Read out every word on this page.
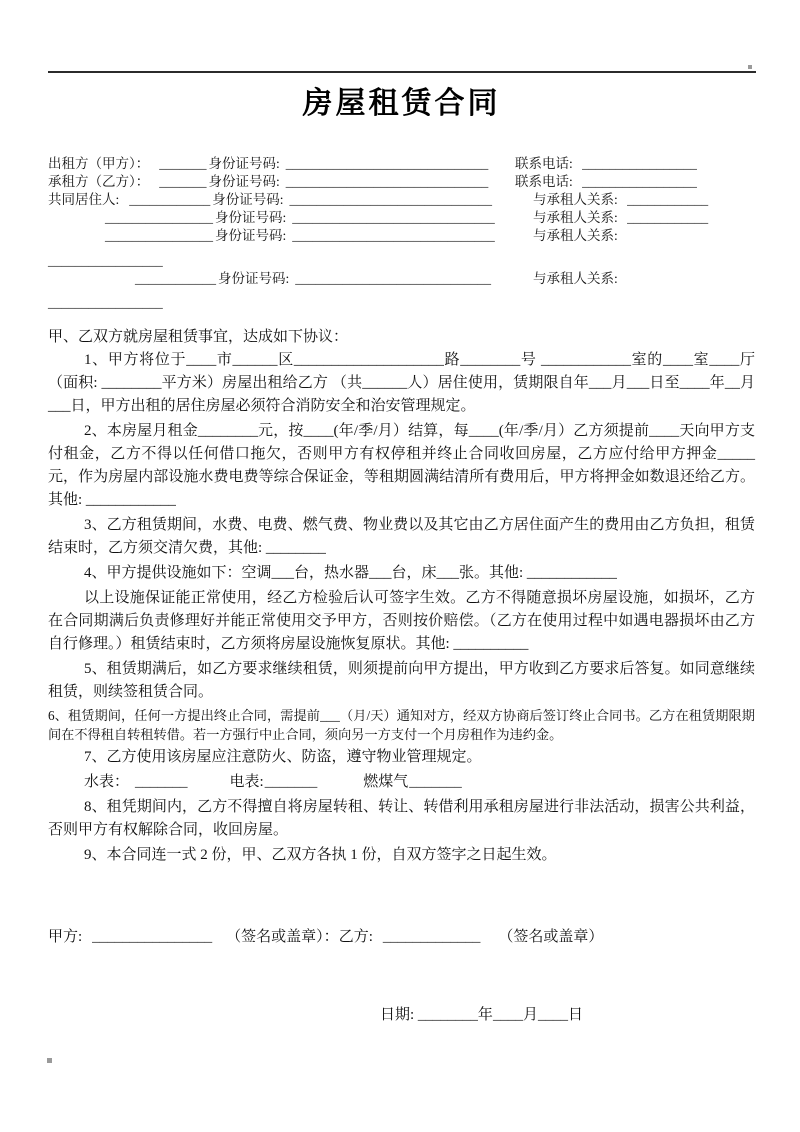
房屋租赁合同
出租方（甲方）： _______ 身份证号码: ______________________________ 联系电话: _________________
承租方（乙方）： _______ 身份证号码: ______________________________ 联系电话: _________________
共同居住人: ____________ 身份证号码: ______________________________	与承租人关系: ____________
________________ 身份证号码: ______________________________	与承租人关系: ____________
________________ 身份证号码: ______________________________	与承租人关系:
_________________
____________ 身份证号码: _____________________________	与承租人关系:
_________________

甲、乙双方就房屋租赁事宜，达成如下协议：

1、甲方将位于____市______区____________________路________号 ____________室的____室____厅（面积: ________平方米）房屋出租给乙方 （共______人）居住使用，赁期限自年___月___日至____年__月___日，甲方出租的居住房屋必须符合消防安全和治安管理规定。

2、本房屋月租金________元，按____(年/季/月）结算，每____(年/季/月）乙方须提前____天向甲方支付租金，乙方不得以任何借口拖欠，否则甲方有权停租并终止合同收回房屋，乙方应付给甲方押金_____元，作为房屋内部设施水费电费等综合保证金，等租期圆满结清所有费用后，甲方将押金如数退还给乙方。其他: ____________

3、乙方租赁期间，水费、电费、燃气费、物业费以及其它由乙方居住面产生的费用由乙方负担，租赁结束时，乙方须交清欠费，其他: ________

4、甲方提供设施如下：空调___台，热水器___台，床___张。其他: ____________

以上设施保证能正常使用，经乙方检验后认可签字生效。乙方不得随意损坏房屋设施，如损坏，乙方在合同期满后负责修理好并能正常使用交予甲方，否则按价赔偿。（乙方在使用过程中如遇电器损坏由乙方自行修理。）租赁结束时，乙方须将房屋设施恢复原状。其他: __________

5、租赁期满后，如乙方要求继续租赁，则须提前向甲方提出，甲方收到乙方要求后答复。如同意继续租赁，则续签租赁合同。

6、租赁期间，任何一方提出终止合同，需提前___（月/天）通知对方，经双方协商后签订终止合同书。乙方在租赁期限期间在不得租自转租转借。若一方强行中止合同，须向另一方支付一个月房租作为违约金。

7、乙方使用该房屋应注意防火、防盗，遵守物业管理规定。

水表： _______	电表:_______	燃煤气_______

8、租凭期间内，乙方不得擅自将房屋转租、转让、转借利用承租房屋进行非法活动，损害公共利益，否则甲方有权解除合同，收回房屋。

9、本合同连一式 2 份，甲、乙双方各执 1 份，自双方签字之日起生效。

甲方: ________________ （签名或盖章）：乙方: _____________ （签名或盖章）
日期: ________年____月____日
